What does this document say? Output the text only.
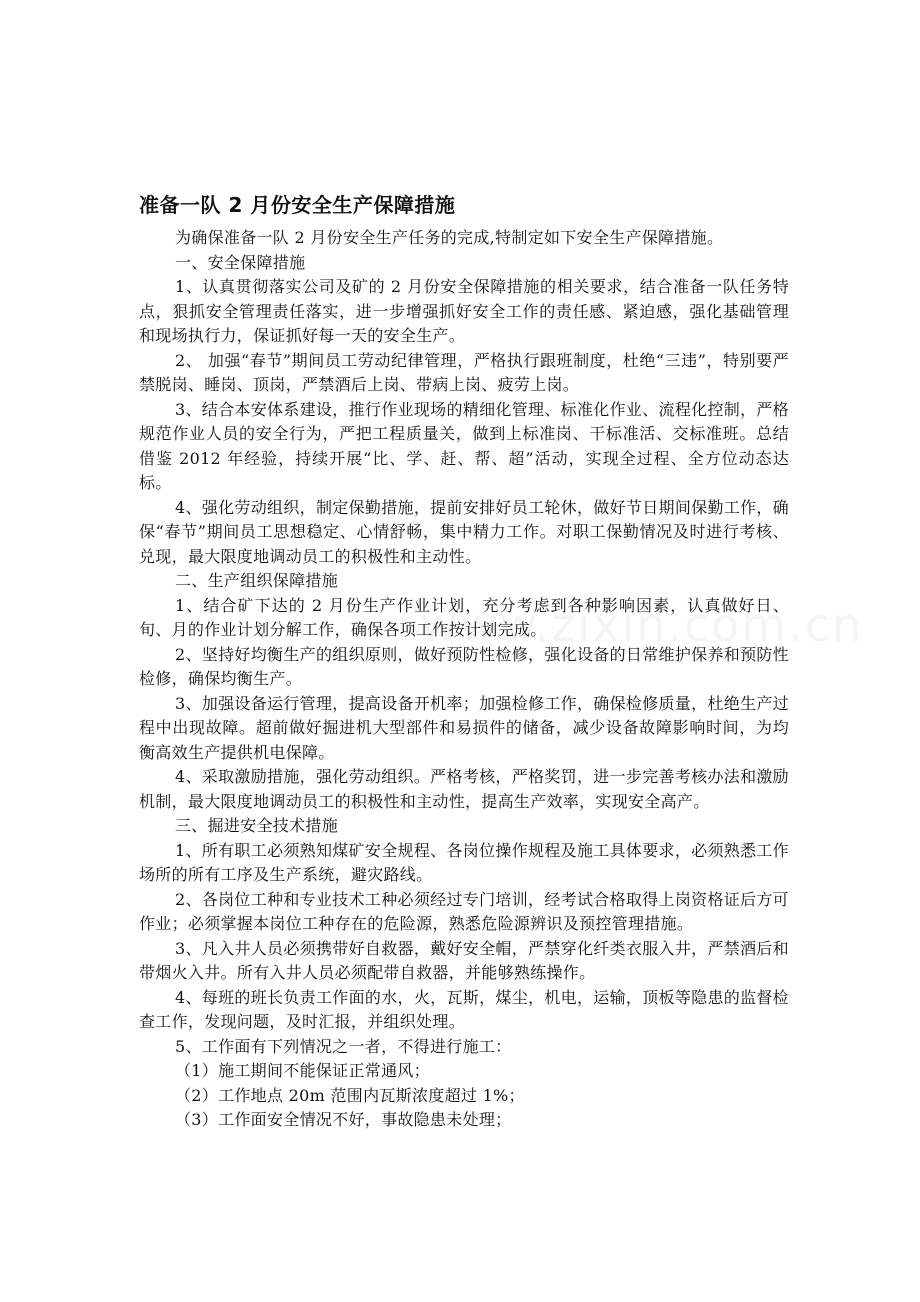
准备一队 2 月份安全生产保障措施

为确保准备一队 2 月份安全生产任务的完成,特制定如下安全生产保障措施。

一、安全保障措施

1、认真贯彻落实公司及矿的 2 月份安全保障措施的相关要求，结合准备一队任务特点，狠抓安全管理责任落实，进一步增强抓好安全工作的责任感、紧迫感，强化基础管理和现场执行力，保证抓好每一天的安全生产。

2、 加强“春节”期间员工劳动纪律管理，严格执行跟班制度，杜绝“三违”，特别要严禁脱岗、睡岗、顶岗，严禁酒后上岗、带病上岗、疲劳上岗。

3、结合本安体系建设，推行作业现场的精细化管理、标准化作业、流程化控制，严格规范作业人员的安全行为，严把工程质量关，做到上标准岗、干标准活、交标准班。总结借鉴 2012 年经验，持续开展“比、学、赶、帮、超”活动，实现全过程、全方位动态达标。

4、强化劳动组织，制定保勤措施，提前安排好员工轮休，做好节日期间保勤工作，确保“春节”期间员工思想稳定、心情舒畅，集中精力工作。对职工保勤情况及时进行考核、兑现，最大限度地调动员工的积极性和主动性。

二、生产组织保障措施

1、结合矿下达的 2 月份生产作业计划，充分考虑到各种影响因素，认真做好日、旬、月的作业计划分解工作，确保各项工作按计划完成。

2、坚持好均衡生产的组织原则，做好预防性检修，强化设备的日常维护保养和预防性检修，确保均衡生产。

3、加强设备运行管理，提高设备开机率；加强检修工作，确保检修质量，杜绝生产过程中出现故障。超前做好掘进机大型部件和易损件的储备，减少设备故障影响时间，为均衡高效生产提供机电保障。

4、采取激励措施，强化劳动组织。严格考核，严格奖罚，进一步完善考核办法和激励机制，最大限度地调动员工的积极性和主动性，提高生产效率，实现安全高产。

三、掘进安全技术措施

1、所有职工必须熟知煤矿安全规程、各岗位操作规程及施工具体要求，必须熟悉工作场所的所有工序及生产系统，避灾路线。

2、各岗位工种和专业技术工种必须经过专门培训，经考试合格取得上岗资格证后方可作业；必须掌握本岗位工种存在的危险源，熟悉危险源辨识及预控管理措施。

3、凡入井人员必须携带好自救器，戴好安全帽，严禁穿化纤类衣服入井，严禁酒后和带烟火入井。所有入井人员必须配带自救器，并能够熟练操作。

4、每班的班长负责工作面的水，火，瓦斯，煤尘，机电，运输，顶板等隐患的监督检查工作，发现问题，及时汇报，并组织处理。

5、工作面有下列情况之一者，不得进行施工：

（1）施工期间不能保证正常通风；

（2）工作地点 20m 范围内瓦斯浓度超过 1%；

（3）工作面安全情况不好，事故隐患未处理；
